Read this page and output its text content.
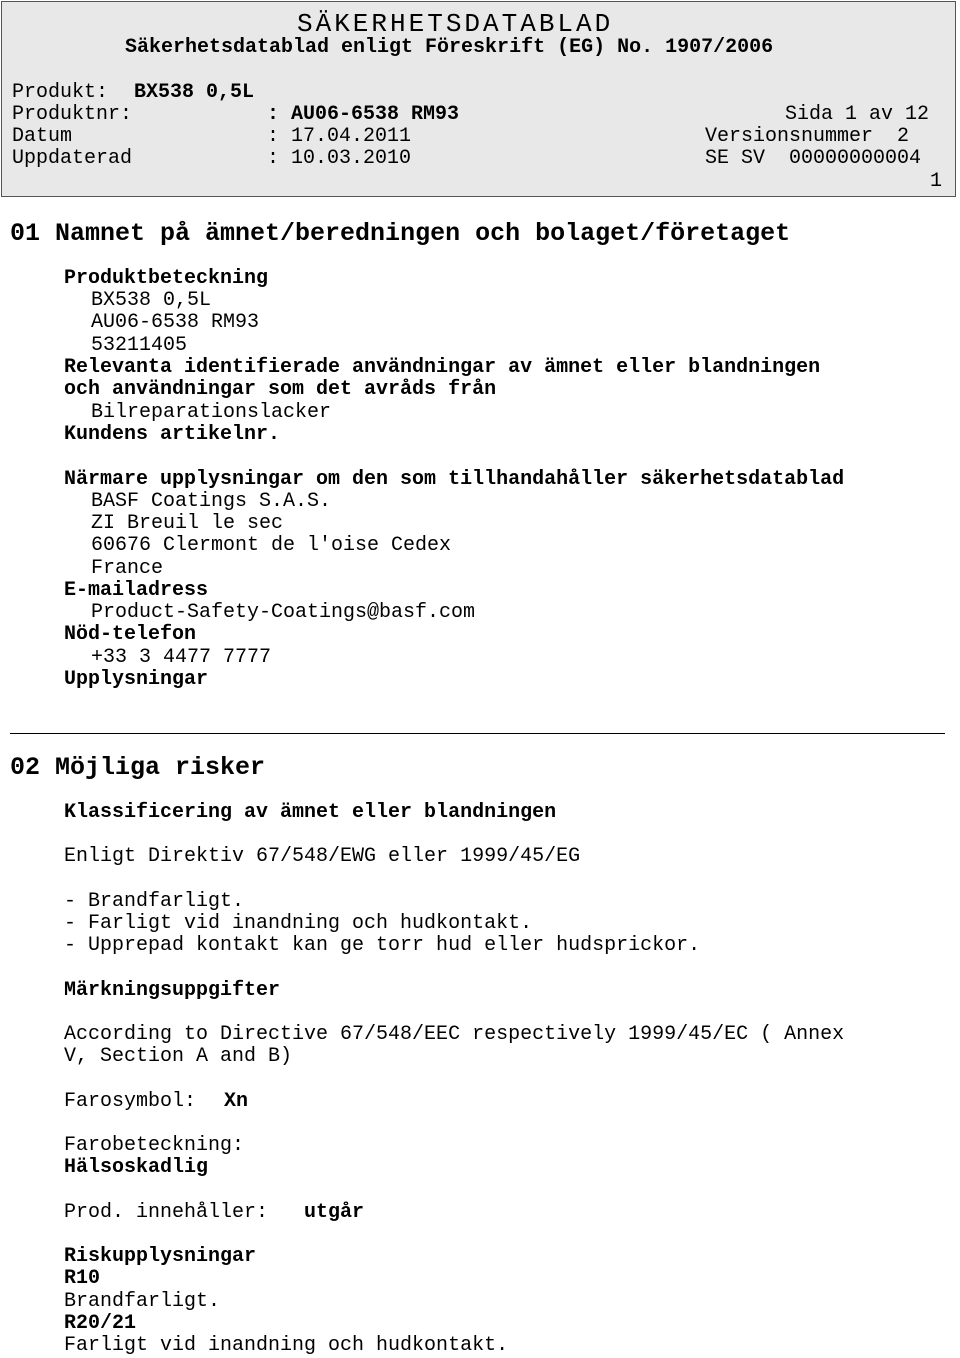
SÄKERHETSDATABLAD
Säkerhetsdatablad enligt Föreskrift (EG) No. 1907/2006
Produkt: BX538 0,5L
Produktnr:	: AU06-6538 RM93	Sida 1 av 12
Datum	: 17.04.2011	Versionsnummer  2
Uppdaterad	: 10.03.2010	SE SV  00000000004
1
01 Namnet på ämnet/beredningen och bolaget/företaget
Produktbeteckning
BX538 0,5L
AU06-6538 RM93
53211405
Relevanta identifierade användningar av ämnet eller blandningen
och användningar som det avråds från
Bilreparationslacker
Kundens artikelnr.
Närmare upplysningar om den som tillhandahåller säkerhetsdatablad
BASF Coatings S.A.S.
ZI Breuil le sec
60676 Clermont de l'oise Cedex
France
E-mailadress
Product-Safety-Coatings@basf.com
Nöd-telefon
+33 3 4477 7777
Upplysningar
02 Möjliga risker
Klassificering av ämnet eller blandningen
Enligt Direktiv 67/548/EWG eller 1999/45/EG
- Brandfarligt.
- Farligt vid inandning och hudkontakt.
- Upprepad kontakt kan ge torr hud eller hudsprickor.
Märkningsuppgifter
According to Directive 67/548/EEC respectively 1999/45/EC ( Annex
V, Section A and B)
Farosymbol: Xn
Farobeteckning:
Hälsoskadlig
Prod. innehåller: utgår
Riskupplysningar
R10
Brandfarligt.
R20/21
Farligt vid inandning och hudkontakt.
